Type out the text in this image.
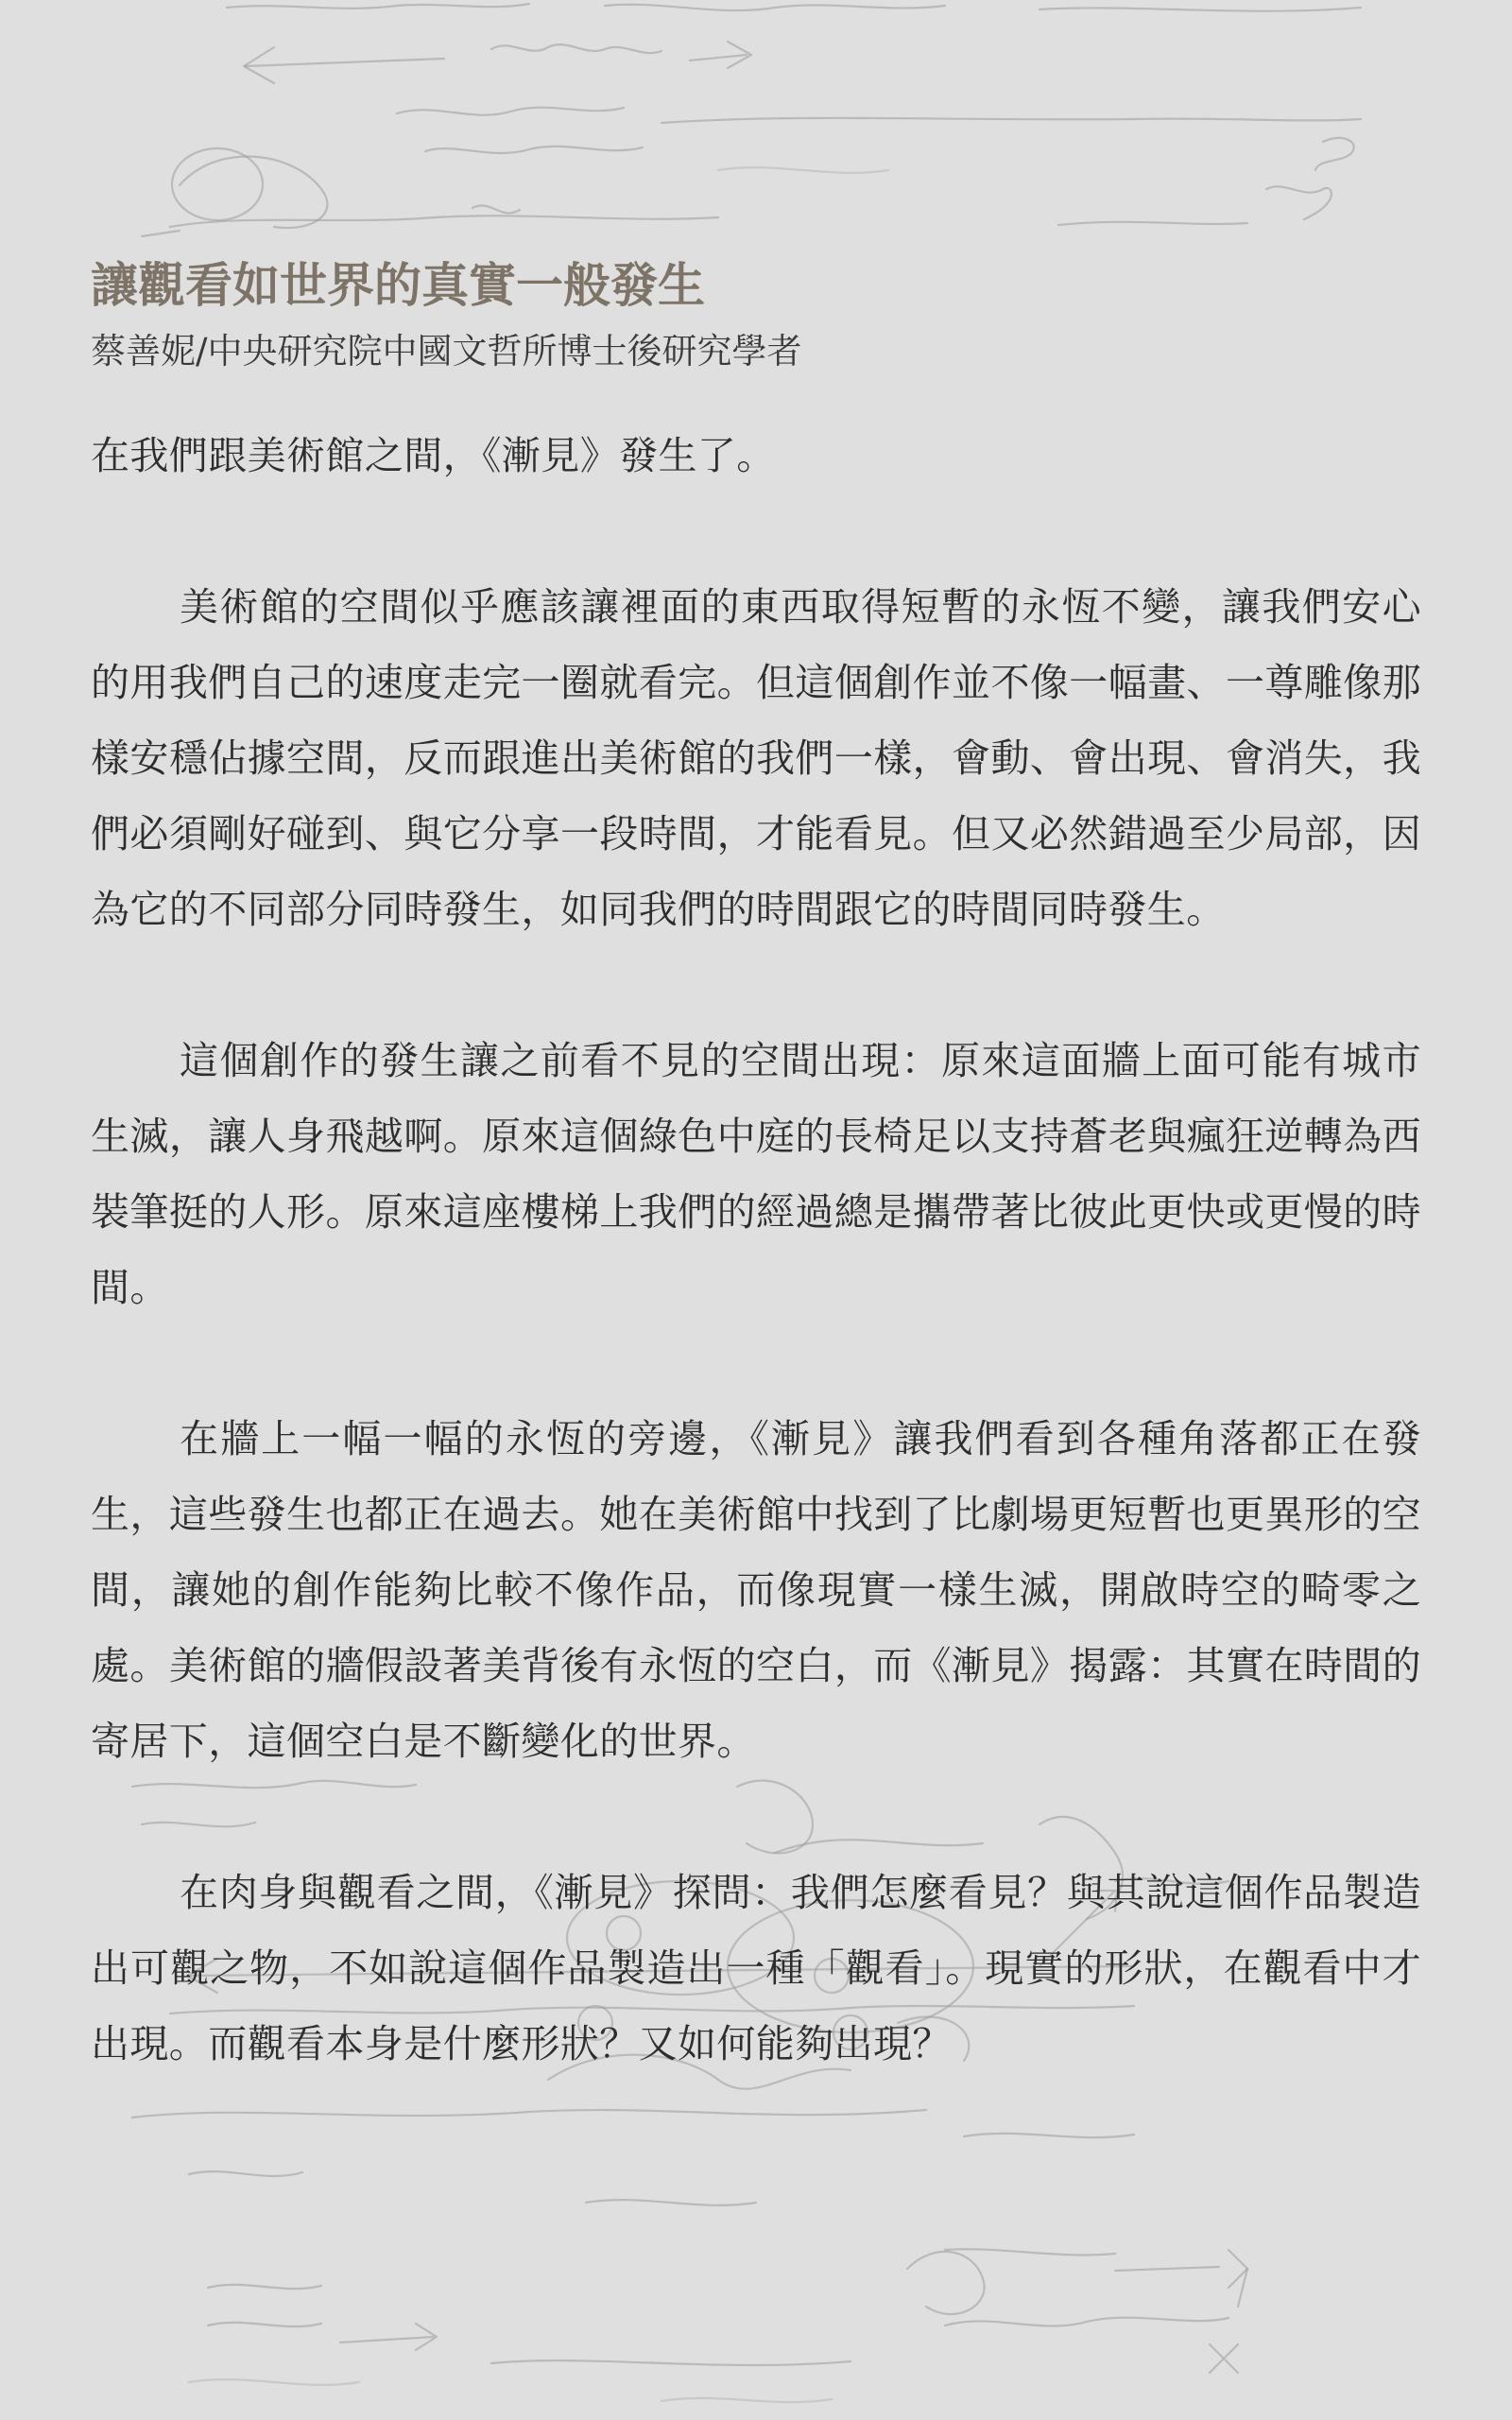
讓觀看如世界的真實一般發生

蔡善妮/中央研究院中國文哲所博士後研究學者

在我們跟美術館之間，《漸見》發生了。

美術館的空間似乎應該讓裡面的東西取得短暫的永恆不變，讓我們安心的用我們自己的速度走完一圈就看完。但這個創作並不像一幅畫、一尊雕像那樣安穩佔據空間，反而跟進出美術館的我們一樣，會動、會出現、會消失，我們必須剛好碰到、與它分享一段時間，才能看見。但又必然錯過至少局部，因為它的不同部分同時發生，如同我們的時間跟它的時間同時發生。

這個創作的發生讓之前看不見的空間出現：原來這面牆上面可能有城市生滅，讓人身飛越啊。原來這個綠色中庭的長椅足以支持蒼老與瘋狂逆轉為西裝筆挺的人形。原來這座樓梯上我們的經過總是攜帶著比彼此更快或更慢的時間。

在牆上一幅一幅的永恆的旁邊，《漸見》讓我們看到各種角落都正在發生，這些發生也都正在過去。她在美術館中找到了比劇場更短暫也更異形的空間，讓她的創作能夠比較不像作品，而像現實一樣生滅，開啟時空的畸零之處。美術館的牆假設著美背後有永恆的空白，而《漸見》揭露：其實在時間的寄居下，這個空白是不斷變化的世界。

在肉身與觀看之間，《漸見》探問：我們怎麼看見？與其說這個作品製造出可觀之物，不如說這個作品製造出一種「觀看」。現實的形狀，在觀看中才出現。而觀看本身是什麼形狀？又如何能夠出現？
